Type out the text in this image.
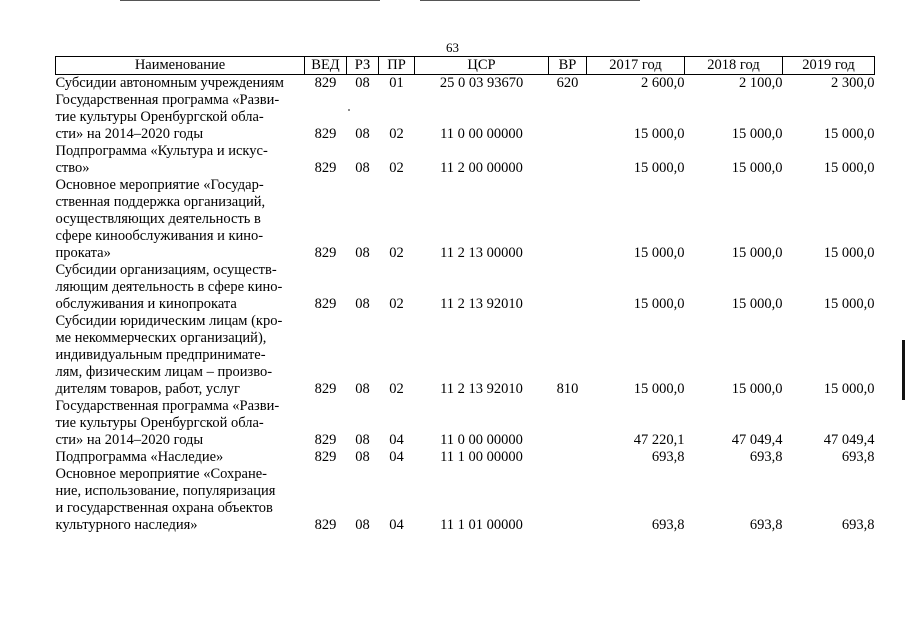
63
Наименование	ВЕД	РЗ	ПР	ЦСР	ВР	2017 год	2018 год	2019 год

Субсидии автономным учреждениям	829	08	01	25 0 03 93670	620	2 600,0	2 100,0	2 300,0

Государственная программа «Разви-
тие культуры Оренбургской обла-
сти» на 2014–2020 годы	829	08	02	11 0 00 00000		15 000,0	15 000,0	15 000,0

Подпрограмма «Культура и искус-
ство»	829	08	02	11 2 00 00000		15 000,0	15 000,0	15 000,0

Основное мероприятие «Государ-
ственная поддержка организаций,
осуществляющих деятельность в
сфере кинообслуживания и кино-
проката»	829	08	02	11 2 13 00000		15 000,0	15 000,0	15 000,0

Субсидии организациям, осуществ-
ляющим деятельность в сфере кино-
обслуживания и кинопроката	829	08	02	11 2 13 92010		15 000,0	15 000,0	15 000,0

Субсидии юридическим лицам (кро-
ме некоммерческих организаций),
индивидуальным предпринимате-
лям, физическим лицам – произво-
дителям товаров, работ, услуг	829	08	02	11 2 13 92010	810	15 000,0	15 000,0	15 000,0

Государственная программа «Разви-
тие культуры Оренбургской обла-
сти» на 2014–2020 годы	829	08	04	11 0 00 00000		47 220,1	47 049,4	47 049,4

Подпрограмма «Наследие»	829	08	04	11 1 00 00000		693,8	693,8	693,8

Основное мероприятие «Сохране-
ние, использование, популяризация
и государственная охрана объектов
культурного наследия»	829	08	04	11 1 01 00000		693,8	693,8	693,8
